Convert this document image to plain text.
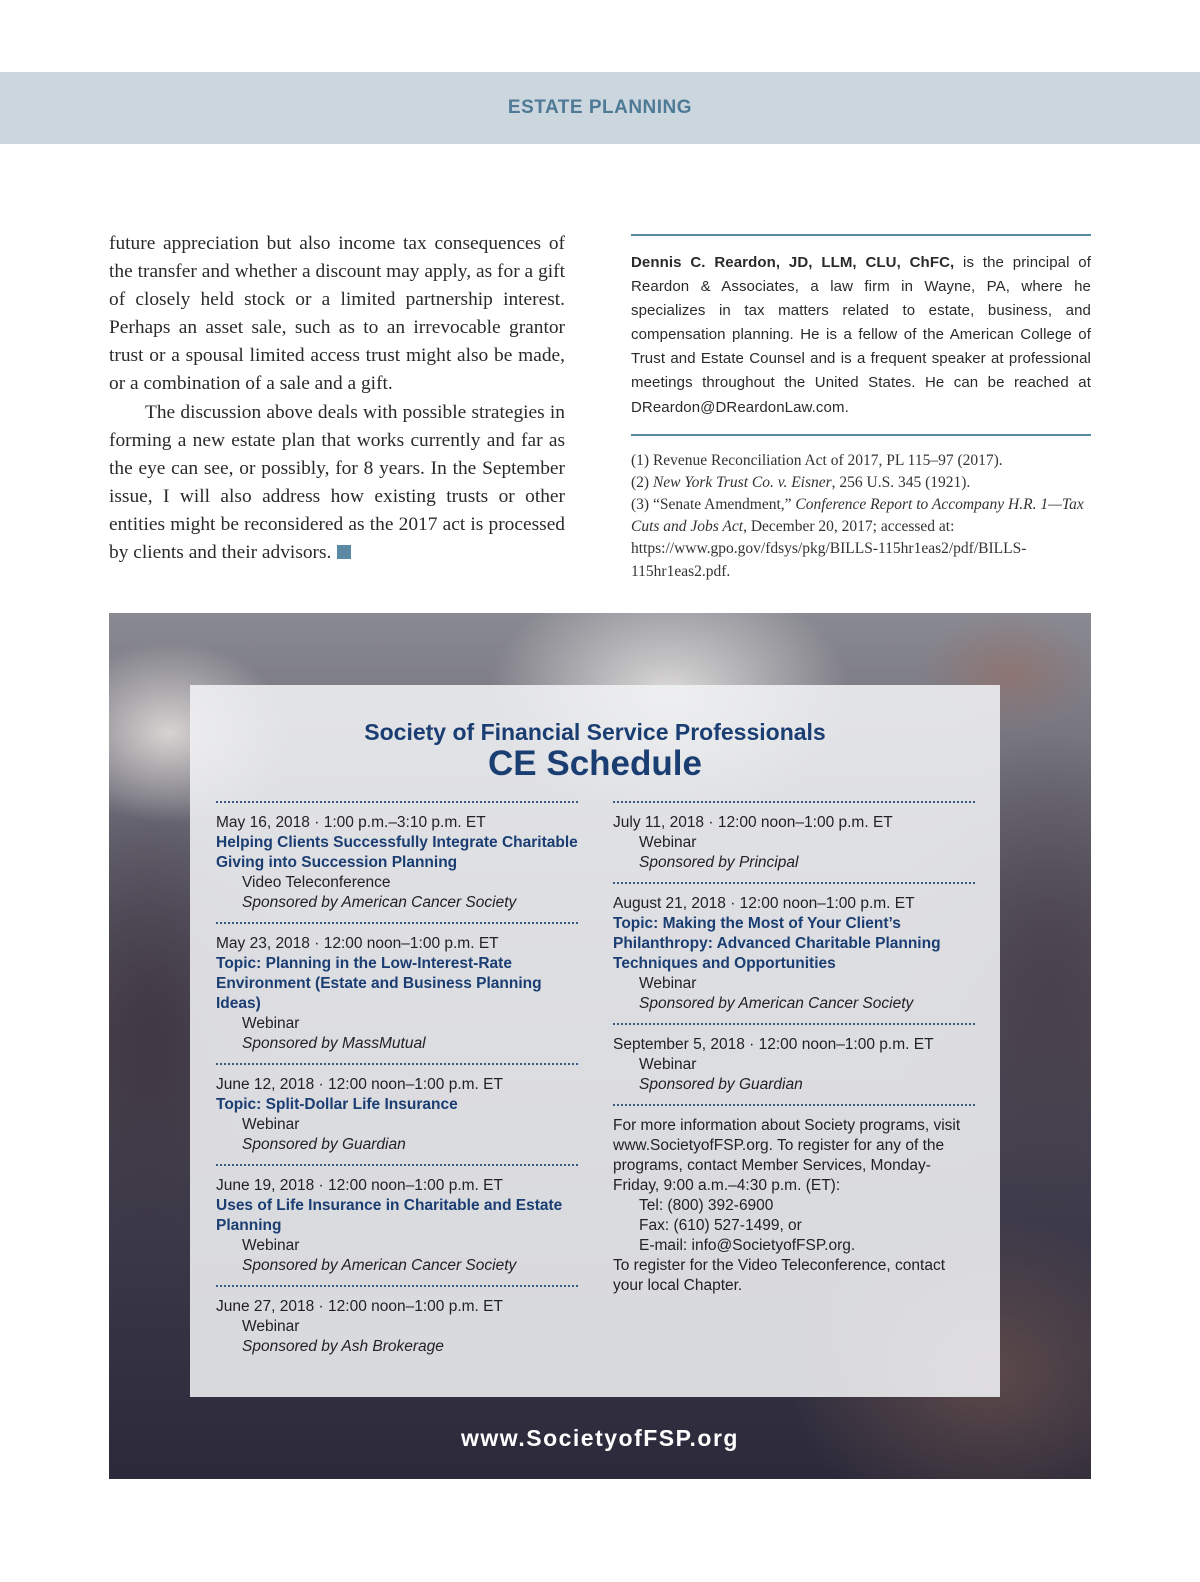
ESTATE PLANNING

future appreciation but also income tax consequences of the transfer and whether a discount may apply, as for a gift of closely held stock or a limited partnership interest. Perhaps an asset sale, such as to an irrevocable grantor trust or a spousal limited access trust might also be made, or a combination of a sale and a gift.

The discussion above deals with possible strategies in forming a new estate plan that works currently and far as the eye can see, or possibly, for 8 years. In the September issue, I will also address how existing trusts or other entities might be reconsidered as the 2017 act is processed by clients and their advisors.

Dennis C. Reardon, JD, LLM, CLU, ChFC, is the principal of Reardon & Associates, a law firm in Wayne, PA, where he specializes in tax matters related to estate, business, and compensation planning. He is a fellow of the American College of Trust and Estate Counsel and is a frequent speaker at professional meetings throughout the United States. He can be reached at DReardon@DReardonLaw.com.

(1) Revenue Reconciliation Act of 2017, PL 115–97 (2017).

(2) New York Trust Co. v. Eisner, 256 U.S. 345 (1921).

(3) “Senate Amendment,” Conference Report to Accompany H.R. 1—Tax Cuts and Jobs Act, December 20, 2017; accessed at: https://www.gpo.gov/fdsys/pkg/BILLS-115hr1eas2/pdf/BILLS-115hr1eas2.pdf.

Society of Financial Service Professionals
CE Schedule
May 16, 2018 · 1:00 p.m.–3:10 p.m. ET
Helping Clients Successfully Integrate Charitable Giving into Succession Planning
Video Teleconference
Sponsored by American Cancer Society
May 23, 2018 · 12:00 noon–1:00 p.m. ET
Topic: Planning in the Low-Interest-Rate Environment (Estate and Business Planning Ideas)
Webinar
Sponsored by MassMutual
June 12, 2018 · 12:00 noon–1:00 p.m. ET
Topic: Split-Dollar Life Insurance
Webinar
Sponsored by Guardian
June 19, 2018 · 12:00 noon–1:00 p.m. ET
Uses of Life Insurance in Charitable and Estate Planning
Webinar
Sponsored by American Cancer Society
June 27, 2018 · 12:00 noon–1:00 p.m. ET
Webinar
Sponsored by Ash Brokerage
July 11, 2018 · 12:00 noon–1:00 p.m. ET
Webinar
Sponsored by Principal
August 21, 2018 · 12:00 noon–1:00 p.m. ET
Topic: Making the Most of Your Client’s Philanthropy: Advanced Charitable Planning Techniques and Opportunities
Webinar
Sponsored by American Cancer Society
September 5, 2018 · 12:00 noon–1:00 p.m. ET
Webinar
Sponsored by Guardian
For more information about Society programs, visit www.SocietyofFSP.org. To register for any of the programs, contact Member Services, Monday-Friday, 9:00 a.m.–4:30 p.m. (ET):
Tel: (800) 392-6900
Fax: (610) 527-1499, or
E-mail: info@SocietyofFSP.org.
To register for the Video Teleconference, contact your local Chapter.
www.SocietyofFSP.org
